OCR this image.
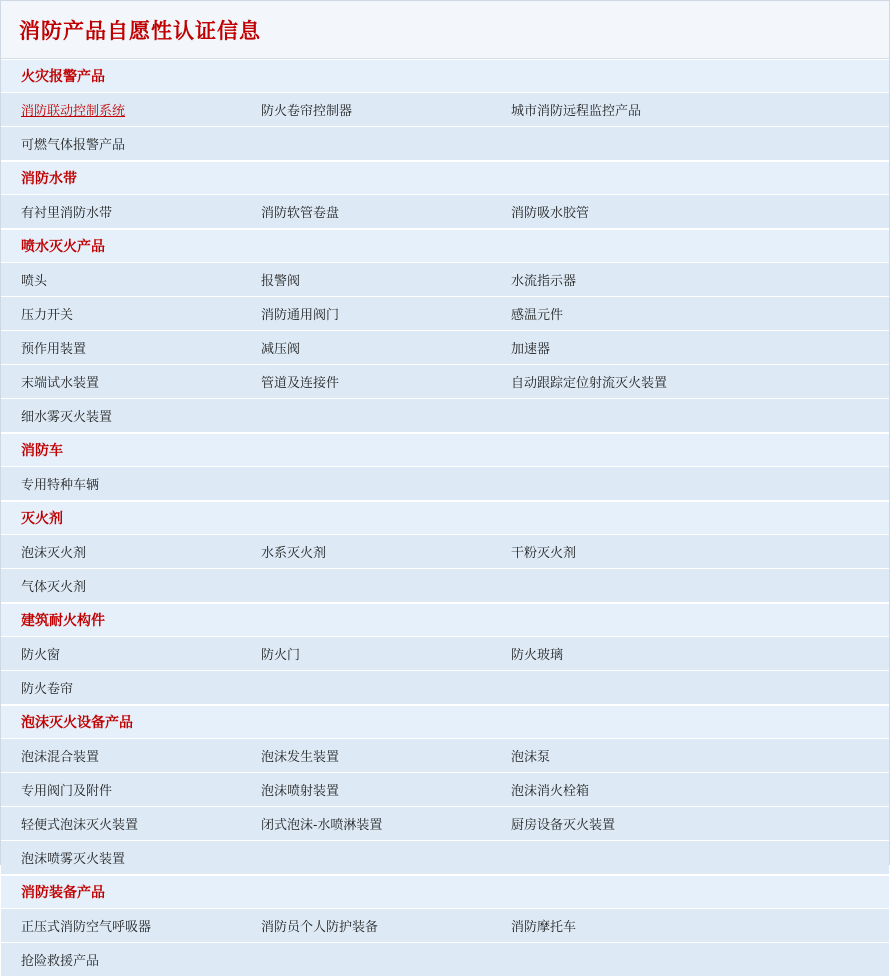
消防产品自愿性认证信息
火灾报警产品
消防联动控制系统	防火卷帘控制器	城市消防远程监控产品
可燃气体报警产品
消防水带
有衬里消防水带	消防软管卷盘	消防吸水胶管
喷水灭火产品
喷头	报警阀	水流指示器
压力开关	消防通用阀门	感温元件
预作用装置	减压阀	加速器
末端试水装置	管道及连接件	自动跟踪定位射流灭火装置
细水雾灭火装置
消防车
专用特种车辆
灭火剂
泡沫灭火剂	水系灭火剂	干粉灭火剂
气体灭火剂
建筑耐火构件
防火窗	防火门	防火玻璃
防火卷帘
泡沫灭火设备产品
泡沫混合装置	泡沫发生装置	泡沫泵
专用阀门及附件	泡沫喷射装置	泡沫消火栓箱
轻便式泡沫灭火装置	闭式泡沫-水喷淋装置	厨房设备灭火装置
泡沫喷雾灭火装置
消防装备产品
正压式消防空气呼吸器	消防员个人防护装备	消防摩托车
抢险救援产品
